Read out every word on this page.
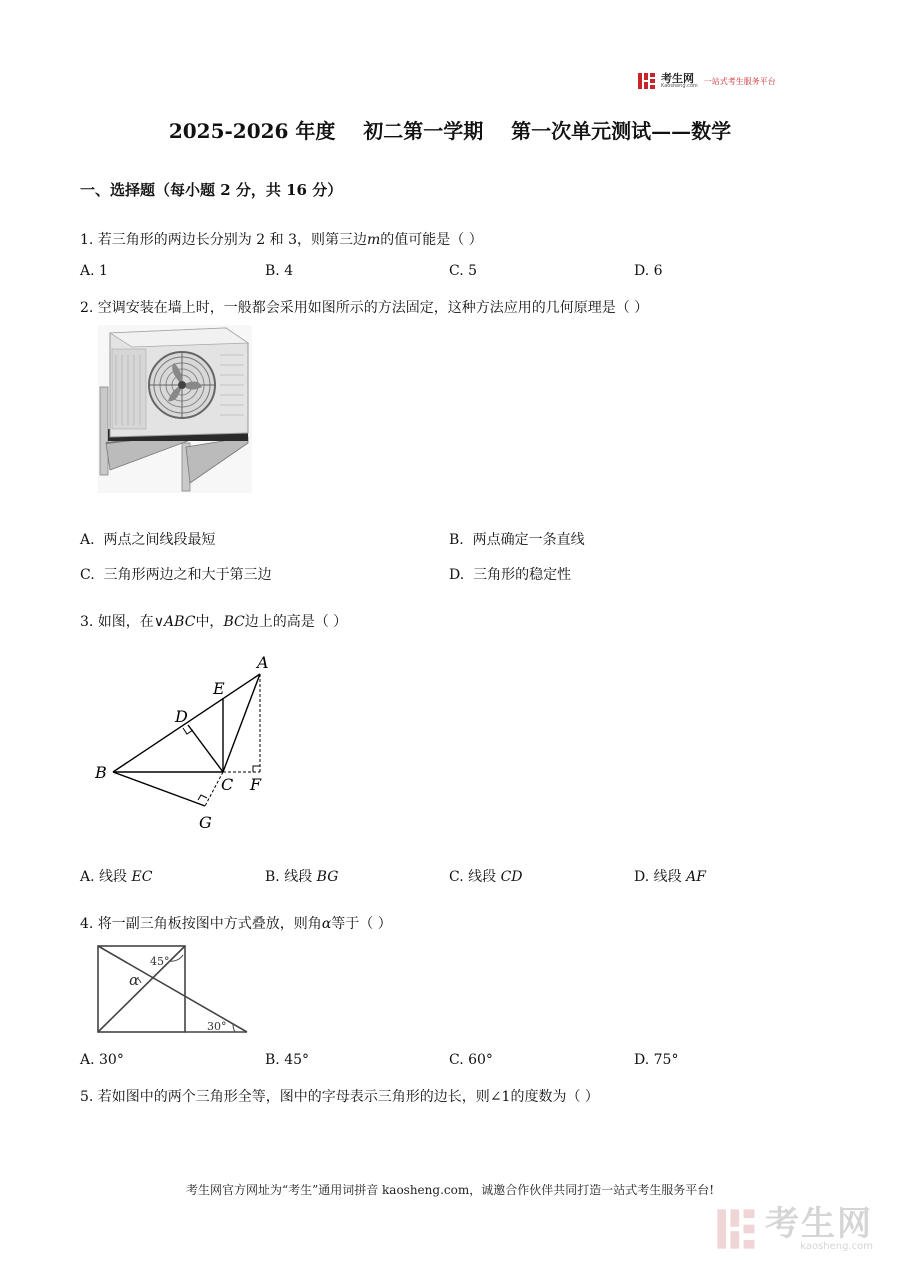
考生网
Kaosheng.com
一站式考生服务平台
2025-2026 年度    初二第一学期    第一次单元测试——数学
一、选择题（每小题 2 分，共 16 分）
1. 若三角形的两边长分别为 2 和 3，则第三边m的值可能是（ ）
A. 1	B. 4	C. 5	D. 6
2. 空调安装在墙上时，一般都会采用如图所示的方法固定，这种方法应用的几何原理是（ ）
A. 两点之间线段最短	B. 两点确定一条直线
C. 三角形两边之和大于第三边	D. 三角形的稳定性
3. 如图，在∨ABC中，BC边上的高是（ ）
A
B
C
D
E
F
G
A. 线段 EC	B. 线段 BG	C. 线段 CD	D. 线段 AF
4. 将一副三角板按图中方式叠放，则角α等于（ ）
45°
30°
α
A. 30°	B. 45°	C. 60°	D. 75°
5. 若如图中的两个三角形全等，图中的字母表示三角形的边长，则∠1的度数为（ ）
考生网官方网址为“考生”通用词拼音 kaosheng.com，诚邀合作伙伴共同打造一站式考生服务平台!
考生网
kaosheng.com
